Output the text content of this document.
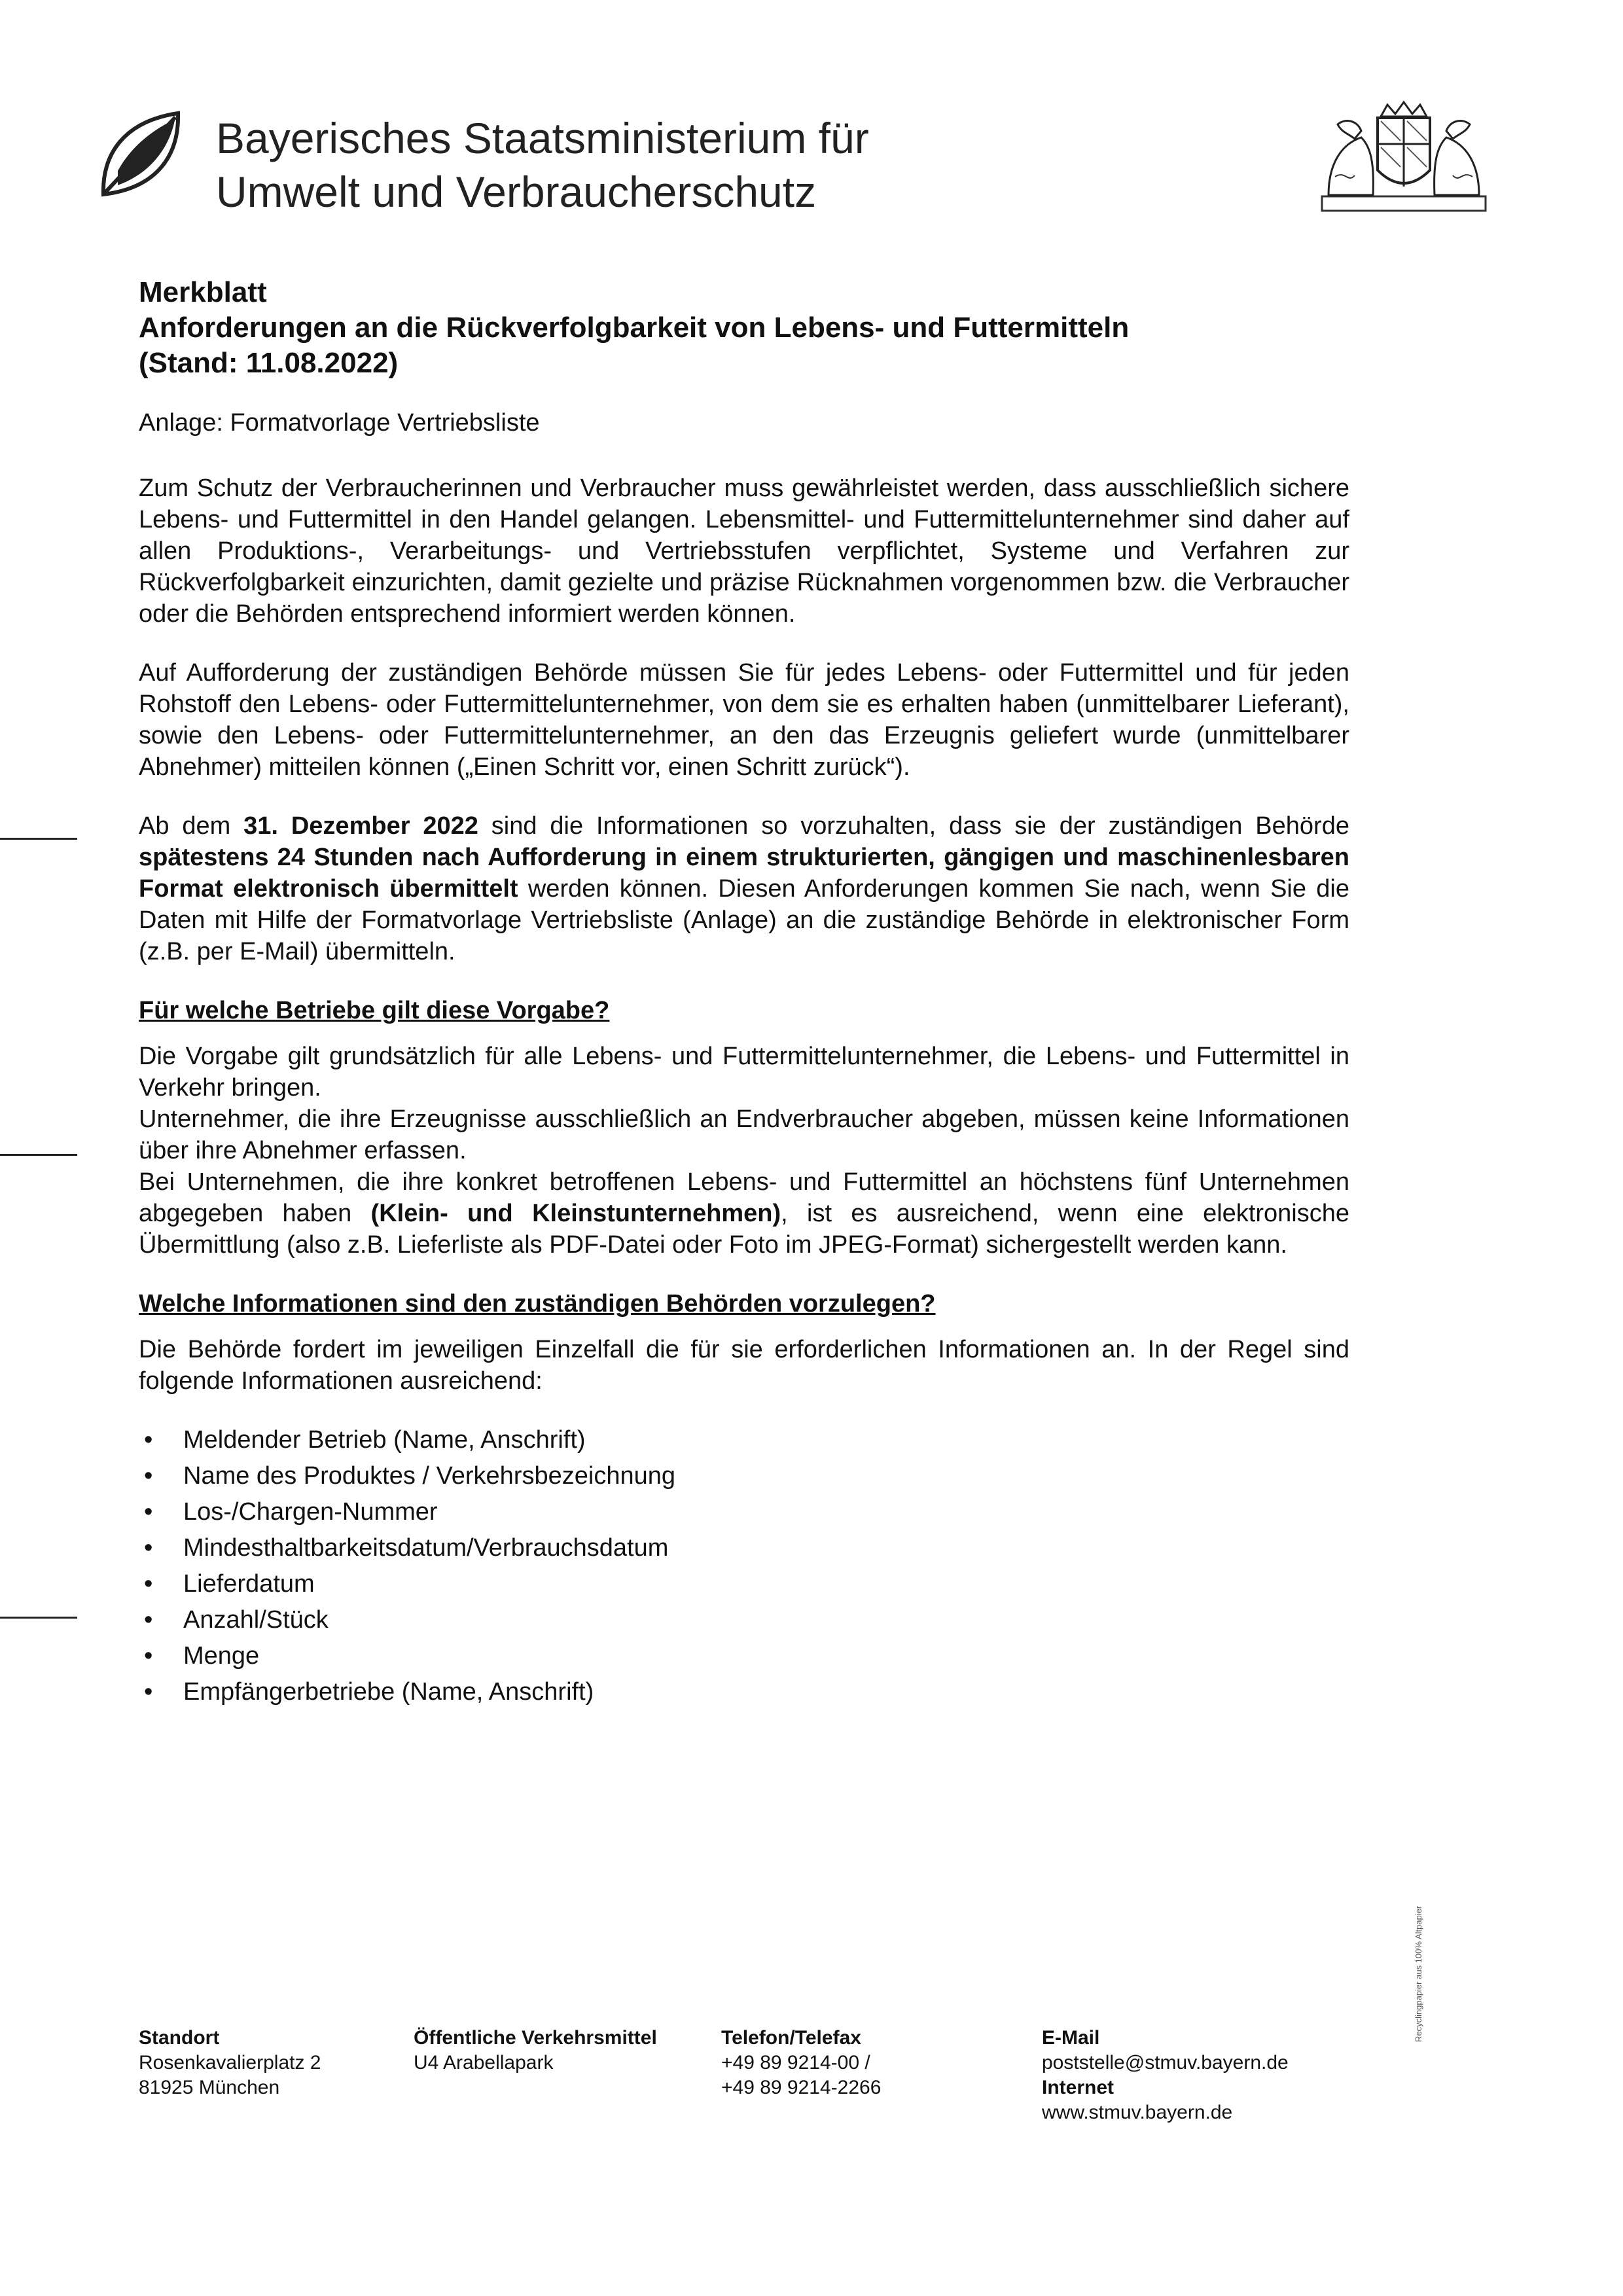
Recyclingpapier aus 100% Altpapier
Bayerisches Staatsministerium für
Umwelt und Verbraucherschutz
Merkblatt
Anforderungen an die Rückverfolgbarkeit von Lebens- und Futtermitteln
(Stand: 11.08.2022)
Anlage: Formatvorlage Vertriebsliste

Zum Schutz der Verbraucherinnen und Verbraucher muss gewährleistet werden, dass ausschließlich sichere Lebens- und Futtermittel in den Handel gelangen. Lebensmittel- und Futtermittelunternehmer sind daher auf allen Produktions-, Verarbeitungs- und Vertriebsstufen verpflichtet, Systeme und Verfahren zur Rückverfolgbarkeit einzurichten, damit gezielte und präzise Rücknahmen vorgenommen bzw. die Verbraucher oder die Behörden entsprechend informiert werden können.

Auf Aufforderung der zuständigen Behörde müssen Sie für jedes Lebens- oder Futtermittel und für jeden Rohstoff den Lebens- oder Futtermittelunternehmer, von dem sie es erhalten haben (unmittelbarer Lieferant), sowie den Lebens- oder Futtermittelunternehmer, an den das Erzeugnis geliefert wurde (unmittelbarer Abnehmer) mitteilen können („Einen Schritt vor, einen Schritt zurück“).

Ab dem 31. Dezember 2022 sind die Informationen so vorzuhalten, dass sie der zuständigen Behörde spätestens 24 Stunden nach Aufforderung in einem strukturierten, gängigen und maschinenlesbaren Format elektronisch übermittelt werden können. Diesen Anforderungen kommen Sie nach, wenn Sie die Daten mit Hilfe der Formatvorlage Vertriebsliste (Anlage) an die zuständige Behörde in elektronischer Form (z.B. per E-Mail) übermitteln.

Für welche Betriebe gilt diese Vorgabe?

Die Vorgabe gilt grundsätzlich für alle Lebens- und Futtermittelunternehmer, die Lebens- und Futtermittel in Verkehr bringen.

Unternehmer, die ihre Erzeugnisse ausschließlich an Endverbraucher abgeben, müssen keine Informationen über ihre Abnehmer erfassen.

Bei Unternehmen, die ihre konkret betroffenen Lebens- und Futtermittel an höchstens fünf Unternehmen abgegeben haben (Klein- und Kleinstunternehmen), ist es ausreichend, wenn eine elektronische Übermittlung (also z.B. Lieferliste als PDF-Datei oder Foto im JPEG-Format) sichergestellt werden kann.

Welche Informationen sind den zuständigen Behörden vorzulegen?

Die Behörde fordert im jeweiligen Einzelfall die für sie erforderlichen Informationen an. In der Regel sind folgende Informationen ausreichend:

• Meldender Betrieb (Name, Anschrift)
• Name des Produktes / Verkehrsbezeichnung
• Los-/Chargen-Nummer
• Mindesthaltbarkeitsdatum/Verbrauchsdatum
• Lieferdatum
• Anzahl/Stück
• Menge
• Empfängerbetriebe (Name, Anschrift)
Standort
Rosenkavalierplatz 2
81925 München
Öffentliche Verkehrsmittel
U4 Arabellapark
Telefon/Telefax
+49 89 9214-00 /
+49 89 9214-2266
E-Mail
poststelle@stmuv.bayern.de
Internet
www.stmuv.bayern.de
